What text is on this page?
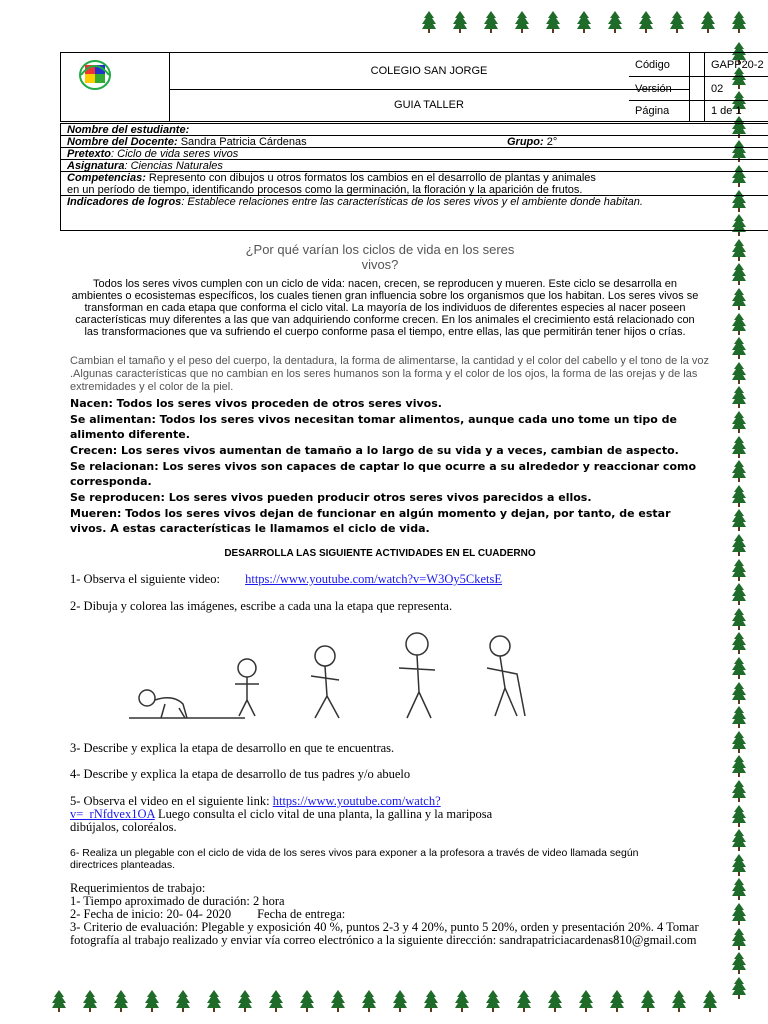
COLEGIO SAN JORGE
GUIA TALLER
Código	GAPP20-2
Versión	02
Página	1 de 1
Nombre del estudiante:
Nombre del Docente: Sandra Patricia Cárdenas	Grupo: 2°
Pretexto: Ciclo de vida seres vivos
Asignatura: Ciencias Naturales
Competencias: Represento con dibujos u otros formatos los cambios en el desarrollo de plantas y animales
en un período de tiempo, identificando procesos como la germinación, la floración y la aparición de frutos.
Indicadores de logros: Establece relaciones entre las características de los seres vivos y el ambiente donde habitan.
¿Por qué varían los ciclos de vida en los seres
vivos?
Todos los seres vivos cumplen con un ciclo de vida: nacen, crecen, se reproducen y mueren. Este ciclo se desarrolla en ambientes o ecosistemas específicos, los cuales tienen gran influencia sobre los organismos que los habitan. Los seres vivos se transforman en cada etapa que conforma el ciclo vital. La mayoría de los individuos de diferentes especies al nacer poseen características muy diferentes a las que van adquiriendo conforme crecen. En los animales el crecimiento está relacionado con las transformaciones que va sufriendo el cuerpo conforme pasa el tiempo, entre ellas, las que permitirán tener hijos o crías.
Cambian el tamaño y el peso del cuerpo, la dentadura, la forma de alimentarse, la cantidad y el color del cabello y el tono de la voz .Algunas características que no cambian en los seres humanos son la forma y el color de los ojos, la forma de las orejas y de las extremidades y el color de la piel.

Nacen: Todos los seres vivos proceden de otros seres vivos.

Se alimentan: Todos los seres vivos necesitan tomar alimentos, aunque cada uno tome un tipo de alimento diferente.

Crecen: Los seres vivos aumentan de tamaño a lo largo de su vida y a veces, cambian de aspecto.

Se relacionan: Los seres vivos son capaces de captar lo que ocurre a su alrededor y reaccionar como corresponda.

Se reproducen: Los seres vivos pueden producir otros seres vivos parecidos a ellos.

Mueren: Todos los seres vivos dejan de funcionar en algún momento y dejan, por tanto, de estar vivos. A estas características le llamamos el ciclo de vida.

DESARROLLA LAS SIGUIENTE ACTIVIDADES EN EL CUADERNO
1- Observa el siguiente video: https://www.youtube.com/watch?v=W3Oy5CketsE
2- Dibuja y colorea las imágenes, escribe a cada una la etapa que representa.
3- Describe y explica la etapa de desarrollo en que te encuentras.
4- Describe y explica la etapa de desarrollo de tus padres y/o abuelo
5- Observa el video en el siguiente link: https://www.youtube.com/watch?
v=_rNfdvex1OA Luego consulta el ciclo vital de una planta, la gallina y la mariposa
dibújalos, coloréalos.
6- Realiza un plegable con el ciclo de vida de los seres vivos para exponer a la profesora a través de video llamada según directrices planteadas.
Requerimientos de trabajo:
1- Tiempo aproximado de duración: 2 hora
2- Fecha de inicio: 20- 04- 2020 Fecha de entrega:
3- Criterio de evaluación: Plegable y exposición 40 %, puntos 2-3 y 4 20%, punto 5 20%, orden y presentación 20%. 4 Tomar fotografía al trabajo realizado y enviar vía correo electrónico a la siguiente dirección: sandrapatriciacardenas810@gmail.com
